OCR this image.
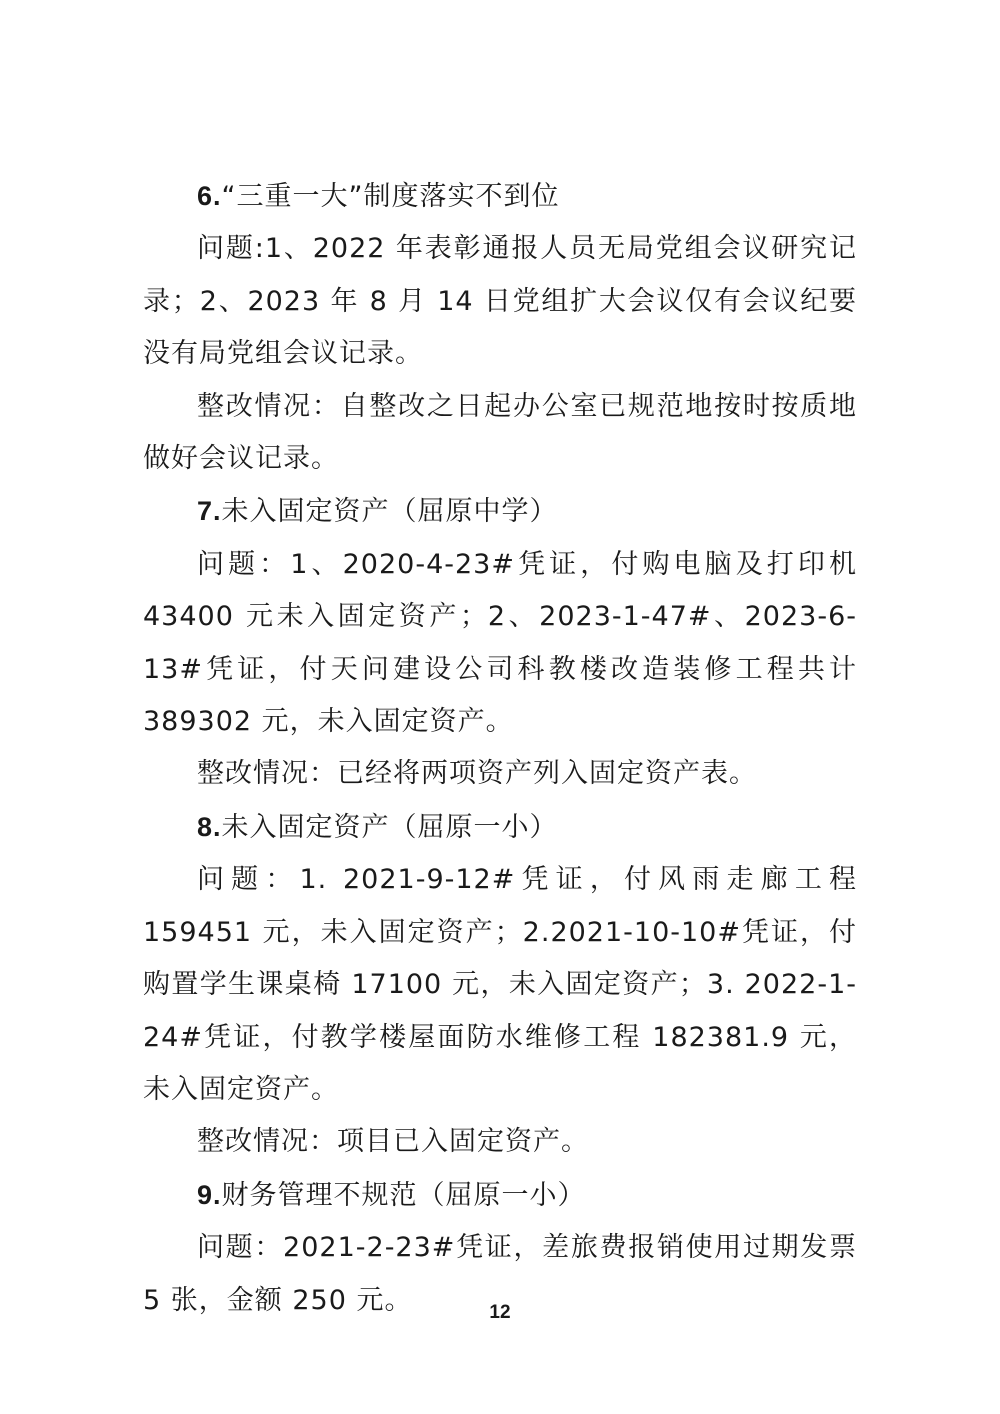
6.“三重一大”制度落实不到位

问题:1、2022 年表彰通报人员无局党组会议研究记录；2、2023 年 8 月 14 日党组扩大会议仅有会议纪要没有局党组会议记录。

整改情况：自整改之日起办公室已规范地按时按质地做好会议记录。

7.未入固定资产（屈原中学）

问题：1、2020-4-23#凭证，付购电脑及打印机 43400 元未入固定资产；2、2023-1-47#、2023-6-13#凭证，付天问建设公司科教楼改造装修工程共计 389302 元，未入固定资产。

整改情况：已经将两项资产列入固定资产表。

8.未入固定资产（屈原一小）

问题：1. 2021-9-12#凭证，付风雨走廊工程 159451 元，未入固定资产；2.2021-10-10#凭证，付购置学生课桌椅 17100 元，未入固定资产；3. 2022-1-24#凭证，付教学楼屋面防水维修工程 182381.9 元，未入固定资产。

整改情况：项目已入固定资产。

9.财务管理不规范（屈原一小）

问题：2021-2-23#凭证，差旅费报销使用过期发票 5 张，金额 250 元。	12
